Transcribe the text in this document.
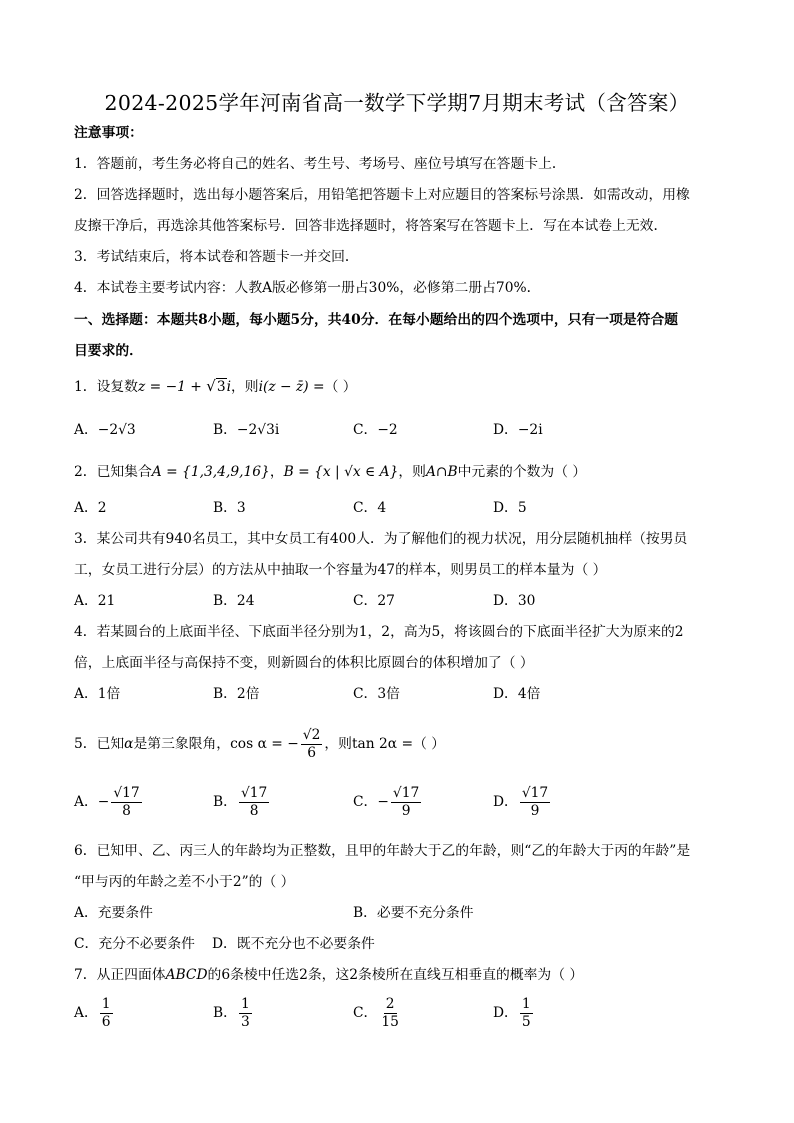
2024-2025学年河南省高一数学下学期7月期末考试（含答案）
注意事项：
1．答题前，考生务必将自己的姓名、考生号、考场号、座位号填写在答题卡上．
2．回答选择题时，选出每小题答案后，用铅笔把答题卡上对应题目的答案标号涂黑．如需改动，用橡
皮擦干净后，再选涂其他答案标号．回答非选择题时，将答案写在答题卡上．写在本试卷上无效．
3．考试结束后，将本试卷和答题卡一并交回．
4．本试卷主要考试内容：人教A版必修第一册占30%，必修第二册占70%．
一、选择题：本题共8小题，每小题5分，共40分．在每小题给出的四个选项中，只有一项是符合题
目要求的．
1．设复数z = −1 + √3i，则i(z − z̄) =（ ）
A．−2√3	B．−2√3i	C．−2	D．−2i
2．已知集合A = {1,3,4,9,16}，B = {x | √x ∈ A}，则A∩B中元素的个数为（ ）
A．2	B．3	C．4	D．5
3．某公司共有940名员工，其中女员工有400人．为了解他们的视力状况，用分层随机抽样（按男员
工，女员工进行分层）的方法从中抽取一个容量为47的样本，则男员工的样本量为（ ）
A．21	B．24	C．27	D．30
4．若某圆台的上底面半径、下底面半径分别为1，2，高为5，将该圆台的下底面半径扩大为原来的2
倍，上底面半径与高保持不变，则新圆台的体积比原圆台的体积增加了（ ）
A．1倍	B．2倍	C．3倍	D．4倍
5．已知α是第三象限角，cos α = − $\frac{√2}{6}$ ，则tan 2α =（ ）
A．− $\frac{√17}{8}$	B． $\frac{√17}{8}$	C．− $\frac{√17}{9}$	D． $\frac{√17}{9}$
6．已知甲、乙、丙三人的年龄均为正整数，且甲的年龄大于乙的年龄，则“乙的年龄大于丙的年龄”是
“甲与丙的年龄之差不小于2”的（ ）
A．充要条件	B．必要不充分条件
C．充分不必要条件 D．既不充分也不必要条件
7．从正四面体ABCD的6条棱中任选2条，这2条棱所在直线互相垂直的概率为（ ）
A． $\frac{1}{6}$	B． $\frac{1}{3}$	C． $\frac{2}{15}$	D． $\frac{1}{5}$
